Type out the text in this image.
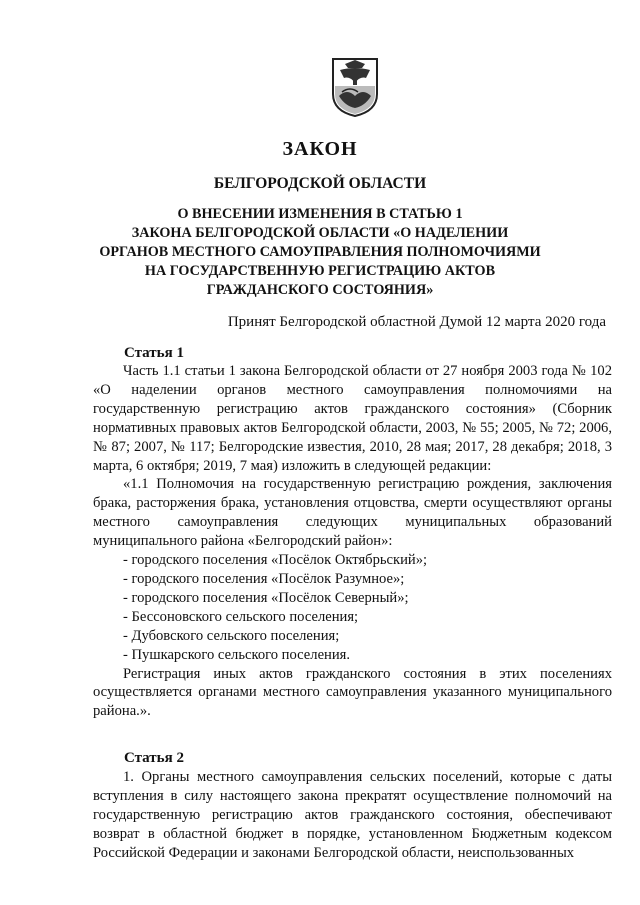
ЗАКОН
БЕЛГОРОДСКОЙ ОБЛАСТИ
О ВНЕСЕНИИ ИЗМЕНЕНИЯ В СТАТЬЮ 1
ЗАКОНА БЕЛГОРОДСКОЙ ОБЛАСТИ «О НАДЕЛЕНИИ
ОРГАНОВ МЕСТНОГО САМОУПРАВЛЕНИЯ ПОЛНОМОЧИЯМИ
НА ГОСУДАРСТВЕННУЮ РЕГИСТРАЦИЮ АКТОВ
ГРАЖДАНСКОГО СОСТОЯНИЯ»
Принят Белгородской областной Думой 12 марта 2020 года
Статья 1

Часть 1.1 статьи 1 закона Белгородской области от 27 ноября 2003 года № 102 «О наделении органов местного самоуправления полномочиями на государственную регистрацию актов гражданского состояния» (Сборник нормативных правовых актов Белгородской области, 2003, № 55; 2005, № 72; 2006, № 87; 2007, № 117; Белгородские известия, 2010, 28 мая; 2017, 28 декабря; 2018, 3 марта, 6 октября; 2019, 7 мая) изложить в следующей редакции:

«1.1 Полномочия на государственную регистрацию рождения, заключения брака, расторжения брака, установления отцовства, смерти осуществляют органы местного самоуправления следующих муниципальных образований муниципального района «Белгородский район»:

- городского поселения «Посёлок Октябрьский»;

- городского поселения «Посёлок Разумное»;

- городского поселения «Посёлок Северный»;

- Бессоновского сельского поселения;

- Дубовского сельского поселения;

- Пушкарского сельского поселения.

Регистрация иных актов гражданского состояния в этих поселениях осуществляется органами местного самоуправления указанного муниципального района.».

Статья 2

1. Органы местного самоуправления сельских поселений, которые с даты вступления в силу настоящего закона прекратят осуществление полномочий на государственную регистрацию актов гражданского состояния, обеспечивают возврат в областной бюджет в порядке, установленном Бюджетным кодексом Российской Федерации и законами Белгородской области, неиспользованных
